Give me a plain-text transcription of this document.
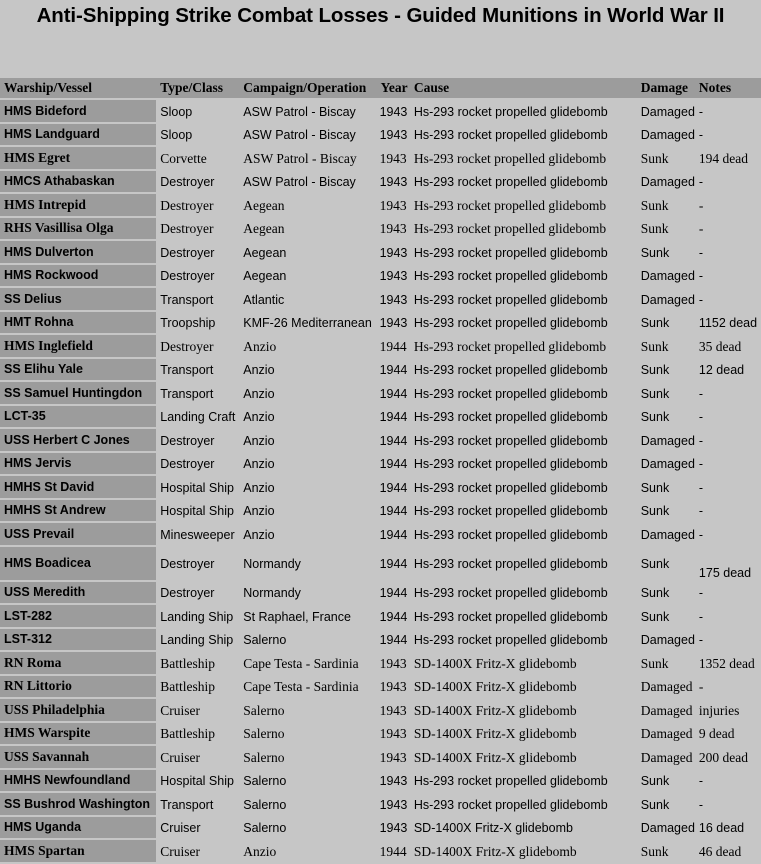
Anti-Shipping Strike Combat Losses - Guided Munitions in World War II
Warship/Vessel	Type/Class	Campaign/Operation	Year	Cause	Damage	Notes
HMS Bideford	Sloop	ASW Patrol - Biscay	1943	Hs-293 rocket propelled glidebomb	Damaged	-
HMS Landguard	Sloop	ASW Patrol - Biscay	1943	Hs-293 rocket propelled glidebomb	Damaged	-
HMS Egret	Corvette	ASW Patrol - Biscay	1943	Hs-293 rocket propelled glidebomb	Sunk	194 dead
HMCS Athabaskan	Destroyer	ASW Patrol - Biscay	1943	Hs-293 rocket propelled glidebomb	Damaged	-
HMS Intrepid	Destroyer	Aegean	1943	Hs-293 rocket propelled glidebomb	Sunk	-
RHS Vasillisa Olga	Destroyer	Aegean	1943	Hs-293 rocket propelled glidebomb	Sunk	-
HMS Dulverton	Destroyer	Aegean	1943	Hs-293 rocket propelled glidebomb	Sunk	-
HMS Rockwood	Destroyer	Aegean	1943	Hs-293 rocket propelled glidebomb	Damaged	-
SS Delius	Transport	Atlantic	1943	Hs-293 rocket propelled glidebomb	Damaged	-
HMT Rohna	Troopship	KMF-26 Mediterranean	1943	Hs-293 rocket propelled glidebomb	Sunk	1152 dead
HMS Inglefield	Destroyer	Anzio	1944	Hs-293 rocket propelled glidebomb	Sunk	35 dead
SS Elihu Yale	Transport	Anzio	1944	Hs-293 rocket propelled glidebomb	Sunk	12 dead
SS Samuel Huntingdon	Transport	Anzio	1944	Hs-293 rocket propelled glidebomb	Sunk	-
LCT-35	Landing Craft	Anzio	1944	Hs-293 rocket propelled glidebomb	Sunk	-
USS Herbert C Jones	Destroyer	Anzio	1944	Hs-293 rocket propelled glidebomb	Damaged	-
HMS Jervis	Destroyer	Anzio	1944	Hs-293 rocket propelled glidebomb	Damaged	-
HMHS St David	Hospital Ship	Anzio	1944	Hs-293 rocket propelled glidebomb	Sunk	-
HMHS St Andrew	Hospital Ship	Anzio	1944	Hs-293 rocket propelled glidebomb	Sunk	-
USS Prevail	Minesweeper	Anzio	1944	Hs-293 rocket propelled glidebomb	Damaged	-
HMS Boadicea	Destroyer	Normandy	1944	Hs-293 rocket propelled glidebomb	Sunk	175 dead
USS Meredith	Destroyer	Normandy	1944	Hs-293 rocket propelled glidebomb	Sunk	-
LST-282	Landing Ship	St Raphael, France	1944	Hs-293 rocket propelled glidebomb	Sunk	-
LST-312	Landing Ship	Salerno	1944	Hs-293 rocket propelled glidebomb	Damaged	-
RN Roma	Battleship	Cape Testa - Sardinia	1943	SD-1400X Fritz-X glidebomb	Sunk	1352 dead
RN Littorio	Battleship	Cape Testa - Sardinia	1943	SD-1400X Fritz-X glidebomb	Damaged	-
USS Philadelphia	Cruiser	Salerno	1943	SD-1400X Fritz-X glidebomb	Damaged	injuries
HMS Warspite	Battleship	Salerno	1943	SD-1400X Fritz-X glidebomb	Damaged	9 dead
USS Savannah	Cruiser	Salerno	1943	SD-1400X Fritz-X glidebomb	Damaged	200 dead
HMHS Newfoundland	Hospital Ship	Salerno	1943	Hs-293 rocket propelled glidebomb	Sunk	-
SS Bushrod Washington	Transport	Salerno	1943	Hs-293 rocket propelled glidebomb	Sunk	-
HMS Uganda	Cruiser	Salerno	1943	SD-1400X Fritz-X glidebomb	Damaged	16 dead
HMS Spartan	Cruiser	Anzio	1944	SD-1400X Fritz-X glidebomb	Sunk	46 dead
